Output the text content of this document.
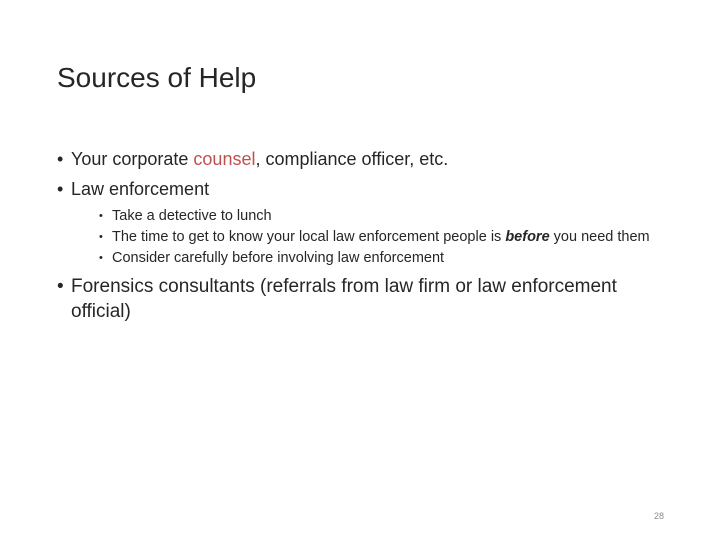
Sources of Help
• Your corporate counsel, compliance officer, etc.
• Law enforcement
• Take a detective to lunch
• The time to get to know your local law enforcement people is before you need them
• Consider carefully before involving law enforcement
• Forensics consultants (referrals from law firm or law enforcement official)
28
